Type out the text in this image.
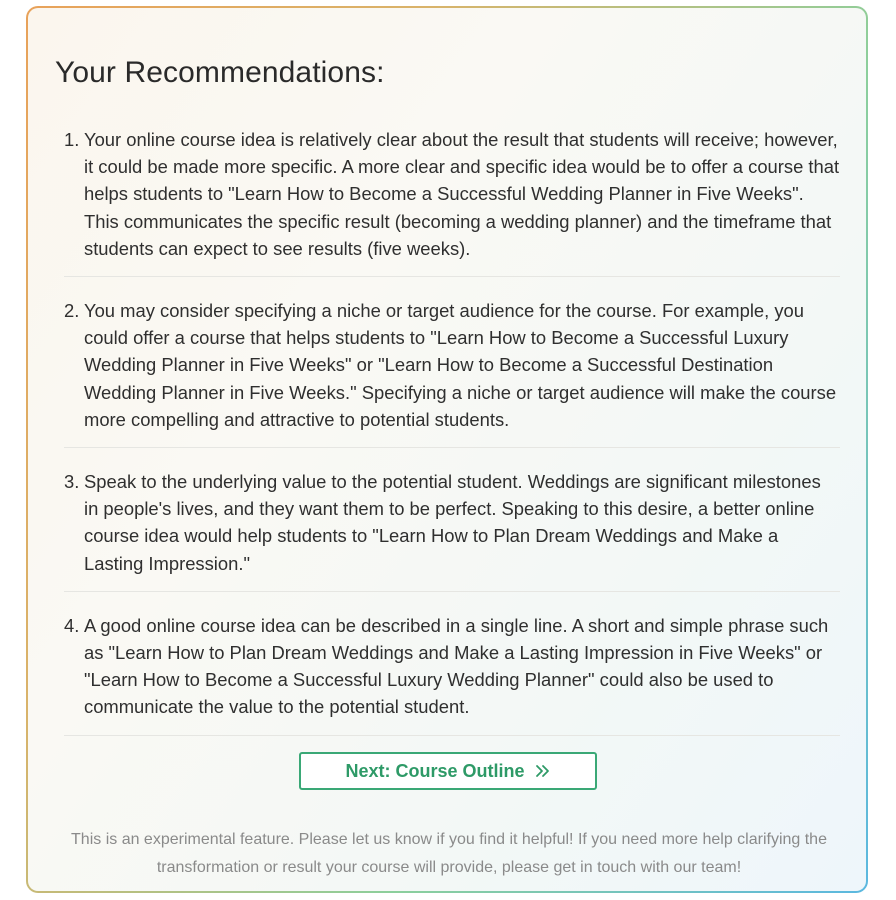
Your Recommendations:
1. Your online course idea is relatively clear about the result that students will receive; however, it could be made more specific. A more clear and specific idea would be to offer a course that helps students to "Learn How to Become a Successful Wedding Planner in Five Weeks". This communicates the specific result (becoming a wedding planner) and the timeframe that students can expect to see results (five weeks).
2. You may consider specifying a niche or target audience for the course. For example, you could offer a course that helps students to "Learn How to Become a Successful Luxury Wedding Planner in Five Weeks" or "Learn How to Become a Successful Destination Wedding Planner in Five Weeks." Specifying a niche or target audience will make the course more compelling and attractive to potential students.
3. Speak to the underlying value to the potential student. Weddings are significant milestones in people's lives, and they want them to be perfect. Speaking to this desire, a better online course idea would help students to "Learn How to Plan Dream Weddings and Make a Lasting Impression."
4. A good online course idea can be described in a single line. A short and simple phrase such as "Learn How to Plan Dream Weddings and Make a Lasting Impression in Five Weeks" or "Learn How to Become a Successful Luxury Wedding Planner" could also be used to communicate the value to the potential student.
Next: Course Outline
This is an experimental feature. Please let us know if you find it helpful! If you need more help clarifying the transformation or result your course will provide, please get in touch with our team!
